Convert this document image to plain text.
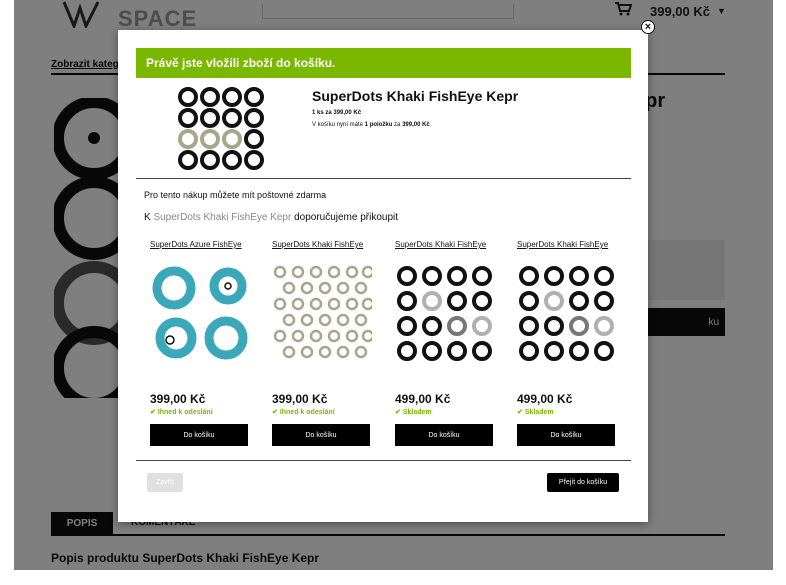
Právě jste vložili zboží do košíku.
SuperDots Khaki FishEye Kepr
1 ks za 399,00 Kč
V košíku nyní máte 1 položku za 399,00 Kč
Pro tento nákup můžete mít poštovné zdarma
K SuperDots Khaki FishEye Kepr doporučujeme přikoupit
SuperDots Azure FishEye
399,00 Kč
✔ Ihned k odeslání
Do košíku
SuperDots Khaki FishEye
399,00 Kč
✔ Ihned k odeslání
Do košíku
SuperDots Khaki FishEye
499,00 Kč
✔ Skladem
Do košíku
SuperDots Khaki FishEye
499,00 Kč
✔ Skladem
Do košíku
Zavřít	Přejít do košíku
×
